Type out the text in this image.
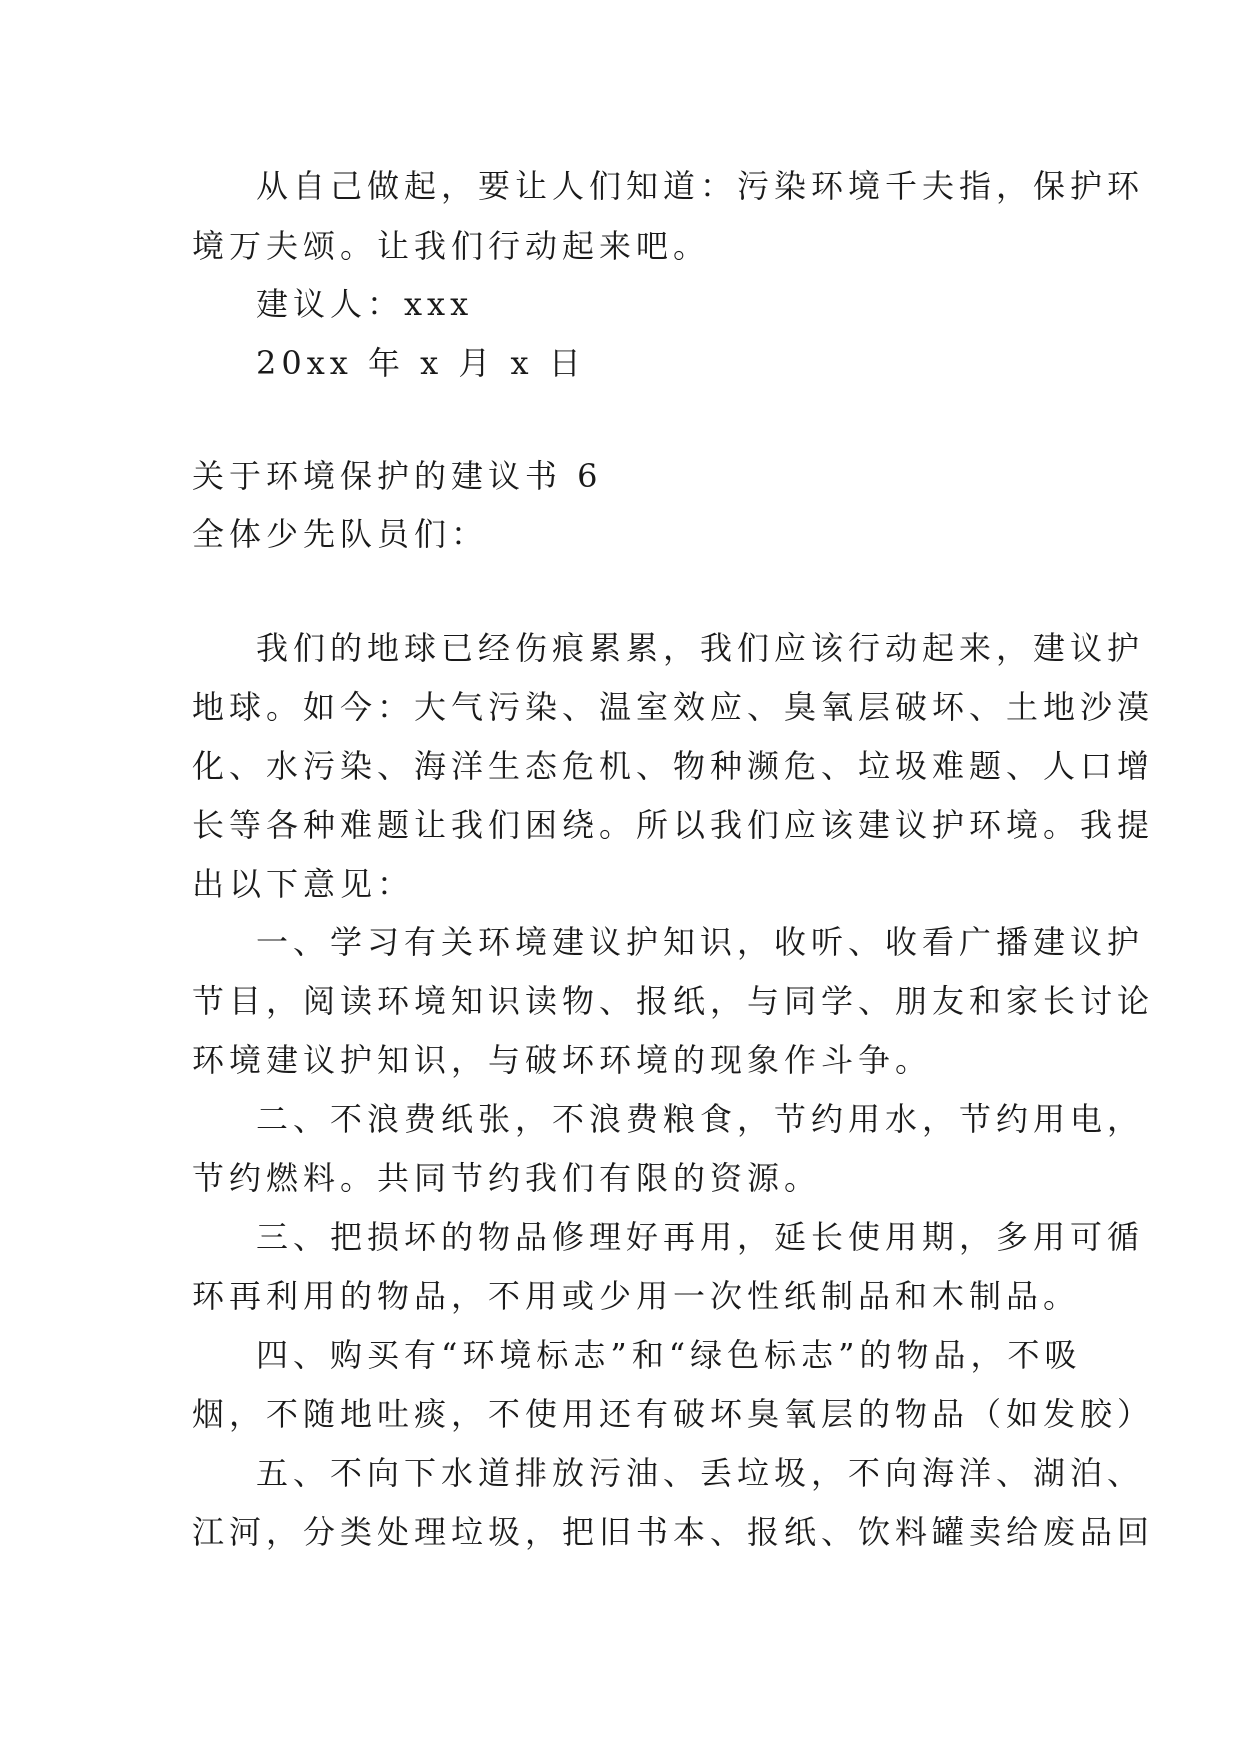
从自己做起，要让人们知道：污染环境千夫指，保护环
境万夫颂。让我们行动起来吧。
建议人：xxx
20xx 年 x 月 x 日
关于环境保护的建议书 6
全体少先队员们：
我们的地球已经伤痕累累，我们应该行动起来，建议护
地球。如今：大气污染、温室效应、臭氧层破坏、土地沙漠
化、水污染、海洋生态危机、物种濒危、垃圾难题、人口增
长等各种难题让我们困绕。所以我们应该建议护环境。我提
出以下意见：
一、学习有关环境建议护知识，收听、收看广播建议护
节目，阅读环境知识读物、报纸，与同学、朋友和家长讨论
环境建议护知识，与破坏环境的现象作斗争。
二、不浪费纸张，不浪费粮食，节约用水，节约用电，
节约燃料。共同节约我们有限的资源。
三、把损坏的物品修理好再用，延长使用期，多用可循
环再利用的物品，不用或少用一次性纸制品和木制品。
四、购买有“环境标志”和“绿色标志”的物品，不吸
烟，不随地吐痰，不使用还有破坏臭氧层的物品（如发胶）
五、不向下水道排放污油、丢垃圾，不向海洋、湖泊、
江河，分类处理垃圾，把旧书本、报纸、饮料罐卖给废品回
